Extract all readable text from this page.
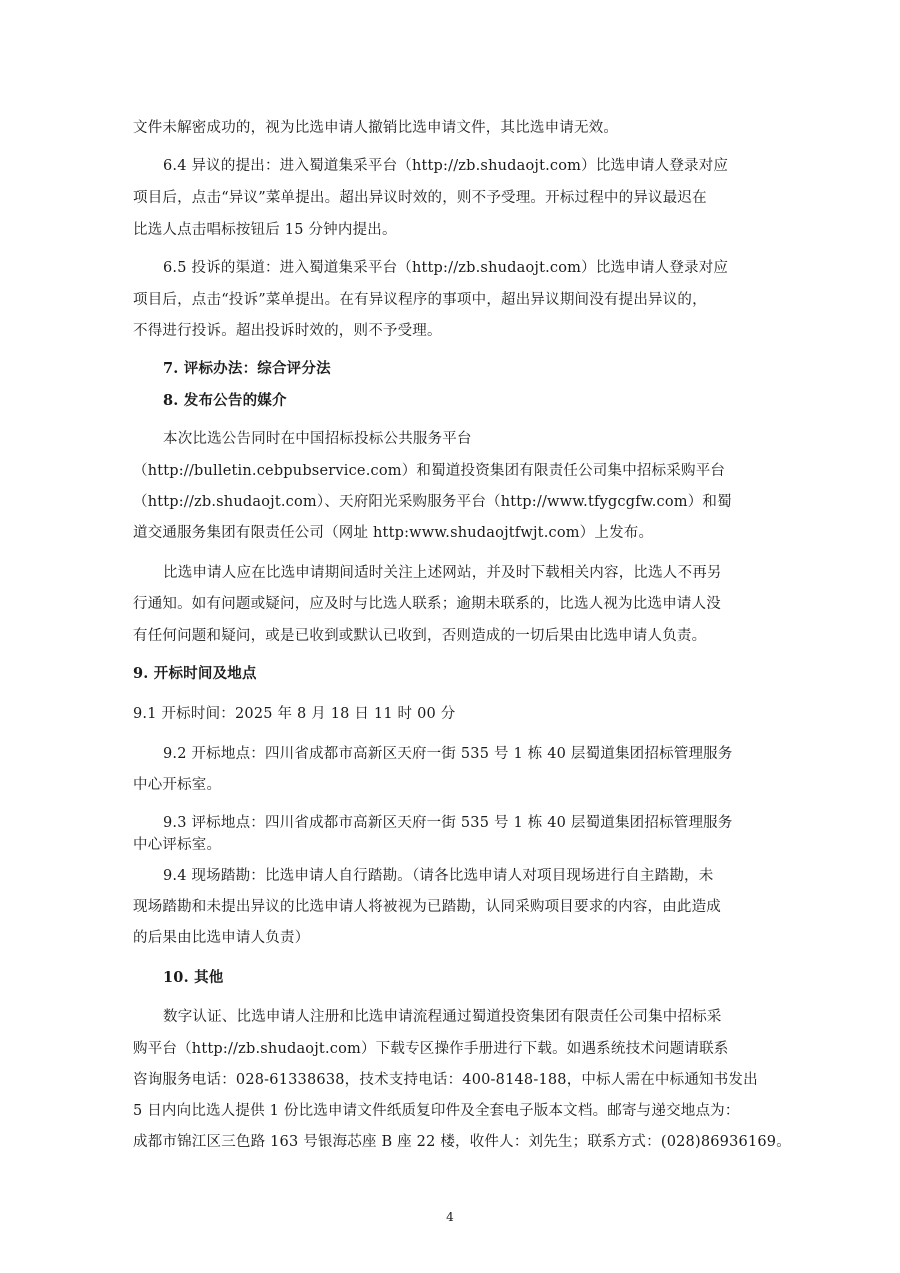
文件未解密成功的，视为比选申请人撤销比选申请文件，其比选申请无效。
6.4 异议的提出：进入蜀道集采平台（http://zb.shudaojt.com）比选申请人登录对应
项目后，点击“异议”菜单提出。超出异议时效的，则不予受理。开标过程中的异议最迟在
比选人点击唱标按钮后 15 分钟内提出。
6.5 投诉的渠道：进入蜀道集采平台（http://zb.shudaojt.com）比选申请人登录对应
项目后，点击“投诉”菜单提出。在有异议程序的事项中，超出异议期间没有提出异议的，
不得进行投诉。超出投诉时效的，则不予受理。
7. 评标办法：综合评分法
8. 发布公告的媒介
本次比选公告同时在中国招标投标公共服务平台
（http://bulletin.cebpubservice.com）和蜀道投资集团有限责任公司集中招标采购平台
（http://zb.shudaojt.com）、天府阳光采购服务平台（http://www.tfygcgfw.com）和蜀
道交通服务集团有限责任公司（网址 http:www.shudaojtfwjt.com）上发布。
比选申请人应在比选申请期间适时关注上述网站，并及时下载相关内容，比选人不再另
行通知。如有问题或疑问，应及时与比选人联系；逾期未联系的，比选人视为比选申请人没
有任何问题和疑问，或是已收到或默认已收到，否则造成的一切后果由比选申请人负责。
9. 开标时间及地点
9.1 开标时间：2025 年 8 月 18 日 11 时 00 分
9.2 开标地点：四川省成都市高新区天府一街 535 号 1 栋 40 层蜀道集团招标管理服务
中心开标室。
9.3 评标地点：四川省成都市高新区天府一街 535 号 1 栋 40 层蜀道集团招标管理服务
中心评标室。
9.4 现场踏勘：比选申请人自行踏勘。（请各比选申请人对项目现场进行自主踏勘，未
现场踏勘和未提出异议的比选申请人将被视为已踏勘，认同采购项目要求的内容，由此造成
的后果由比选申请人负责）
10. 其他
数字认证、比选申请人注册和比选申请流程通过蜀道投资集团有限责任公司集中招标采
购平台（http://zb.shudaojt.com）下载专区操作手册进行下载。如遇系统技术问题请联系
咨询服务电话：028-61338638，技术支持电话：400-8148-188，中标人需在中标通知书发出
5 日内向比选人提供 1 份比选申请文件纸质复印件及全套电子版本文档。邮寄与递交地点为：
成都市锦江区三色路 163 号银海芯座 B 座 22 楼，收件人：刘先生；联系方式：(028)86936169。
4
